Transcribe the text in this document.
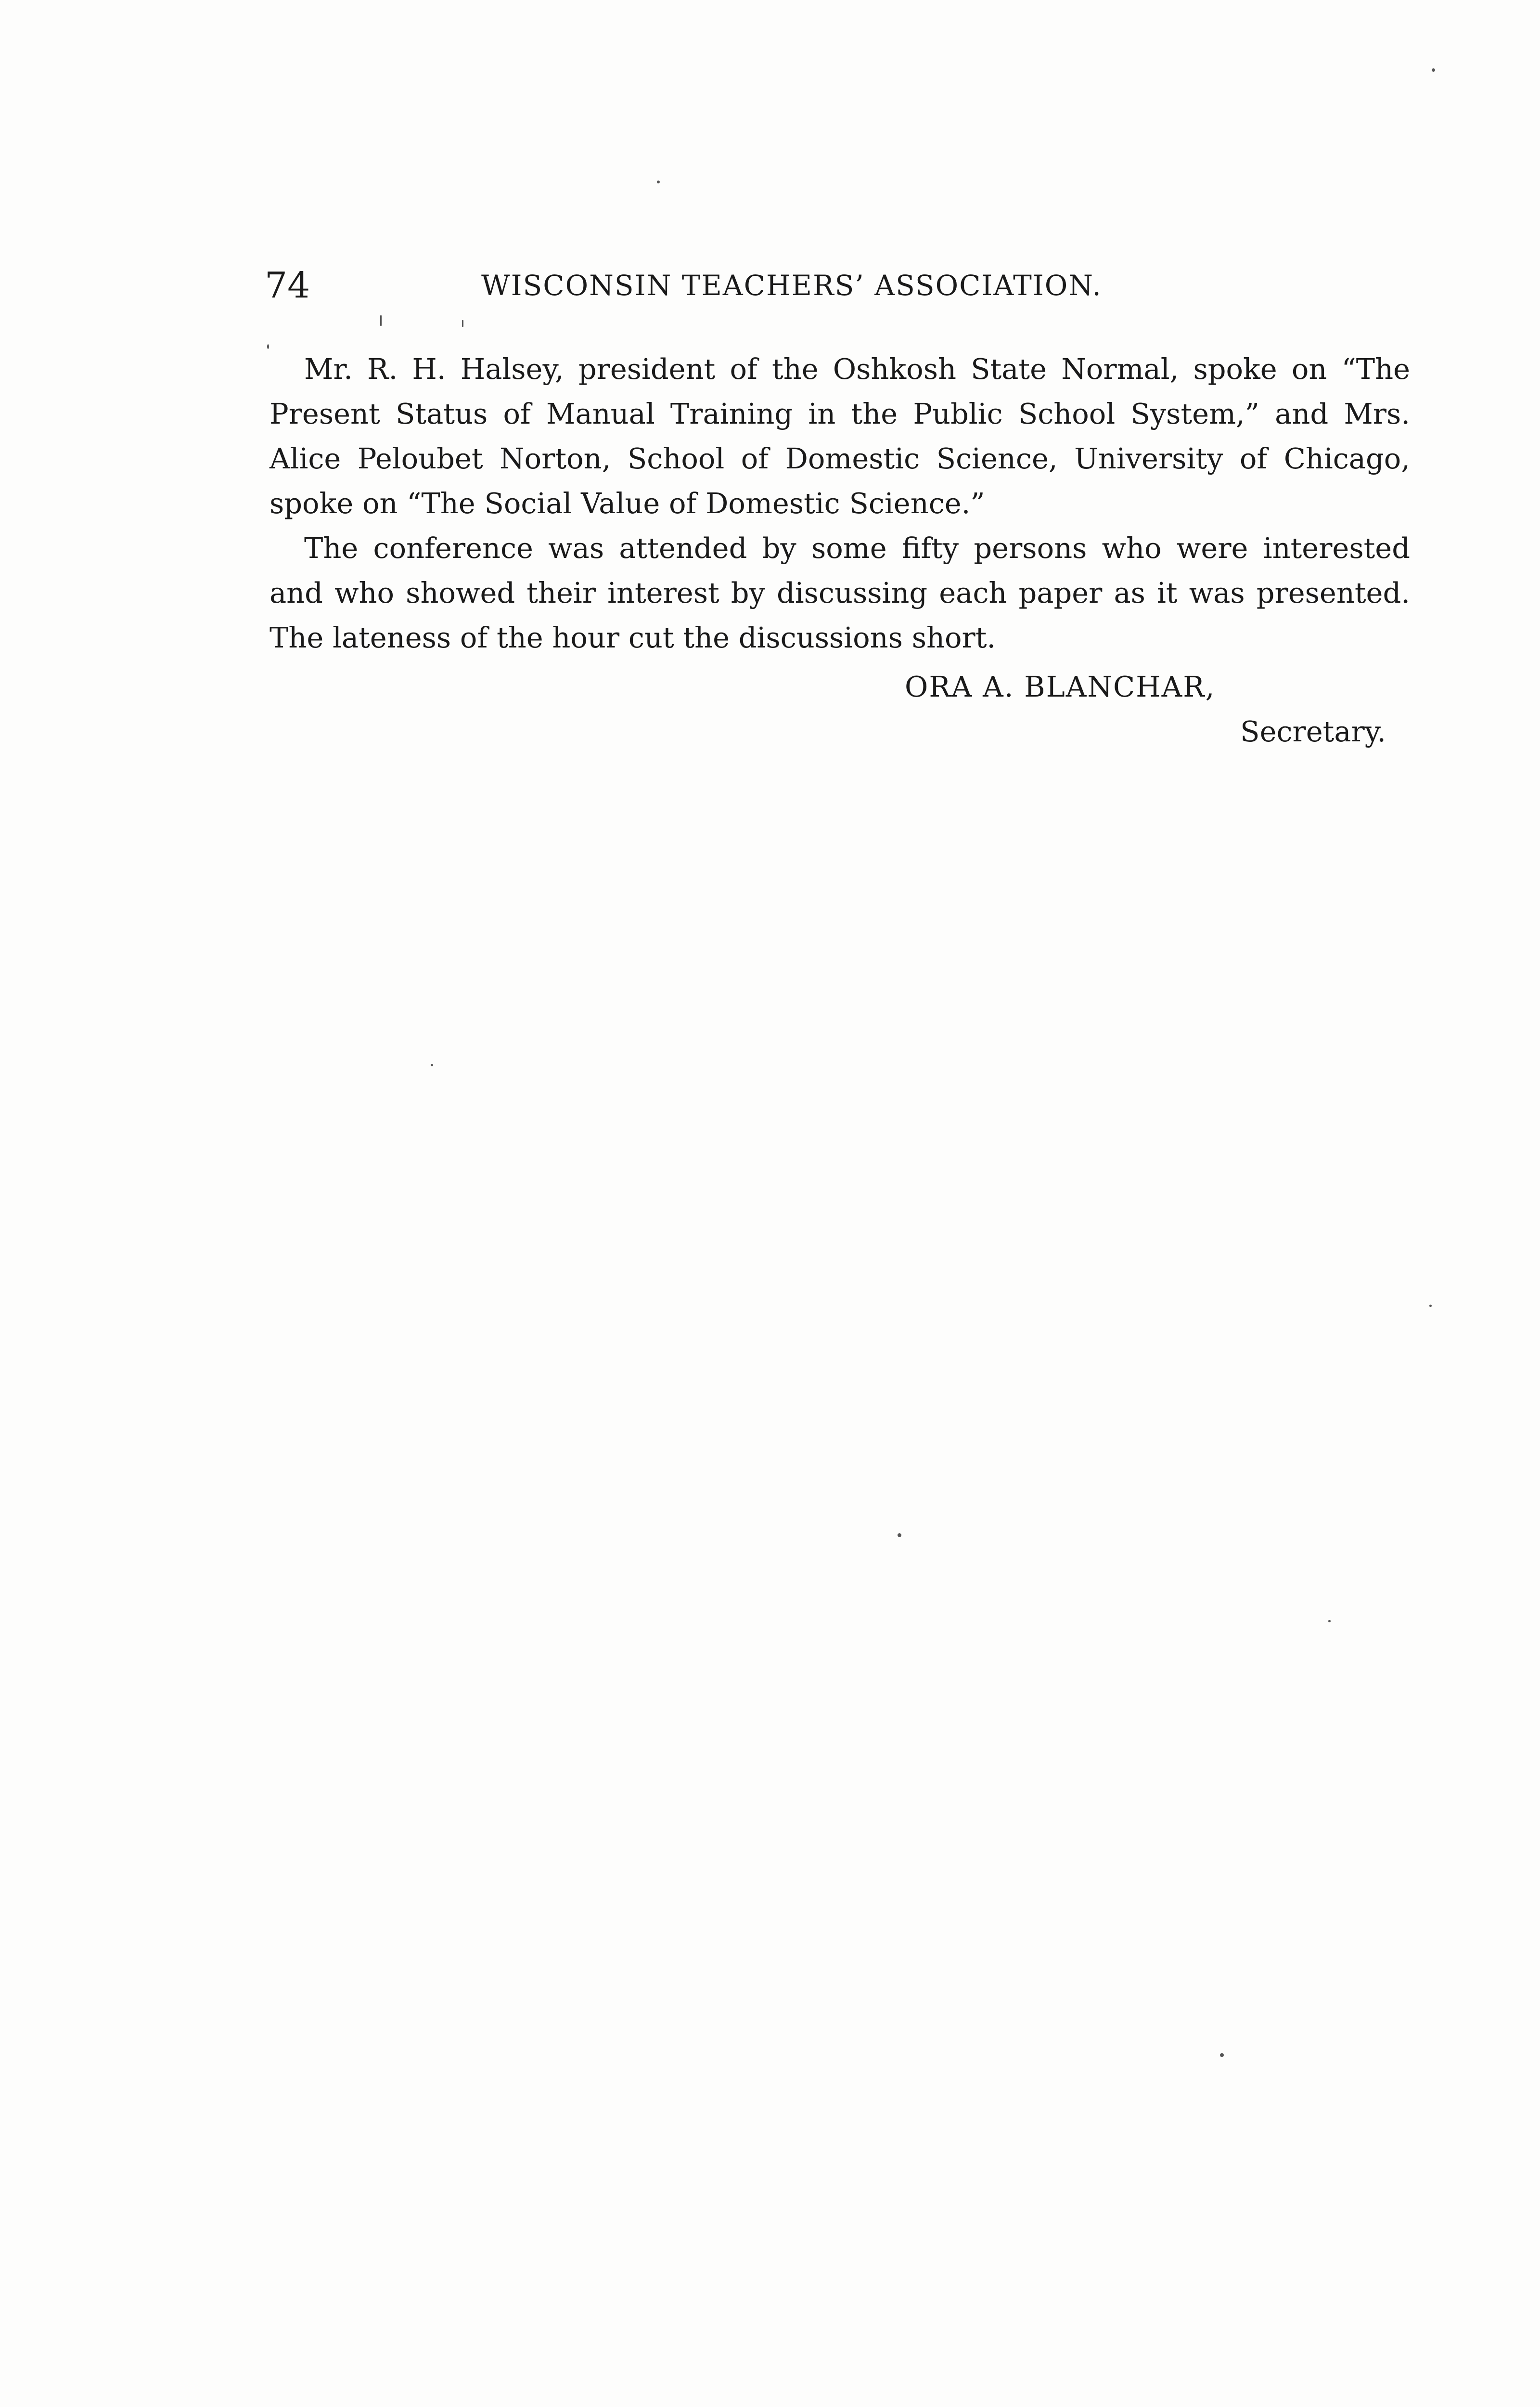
74	WISCONSIN TEACHERS’ ASSOCIATION.

Mr. R. H. Halsey, president of the Oshkosh State Normal, spoke on “The Present Status of Manual Training in the Public School System,” and Mrs. Alice Peloubet Norton, School of Domestic Science, University of Chicago, spoke on “The Social Value of Domestic Science.”

The conference was attended by some fifty persons who were interested and who showed their interest by discussing each paper as it was presented. The lateness of the hour cut the discussions short.

ORA A. BLANCHAR,
Secretary.
